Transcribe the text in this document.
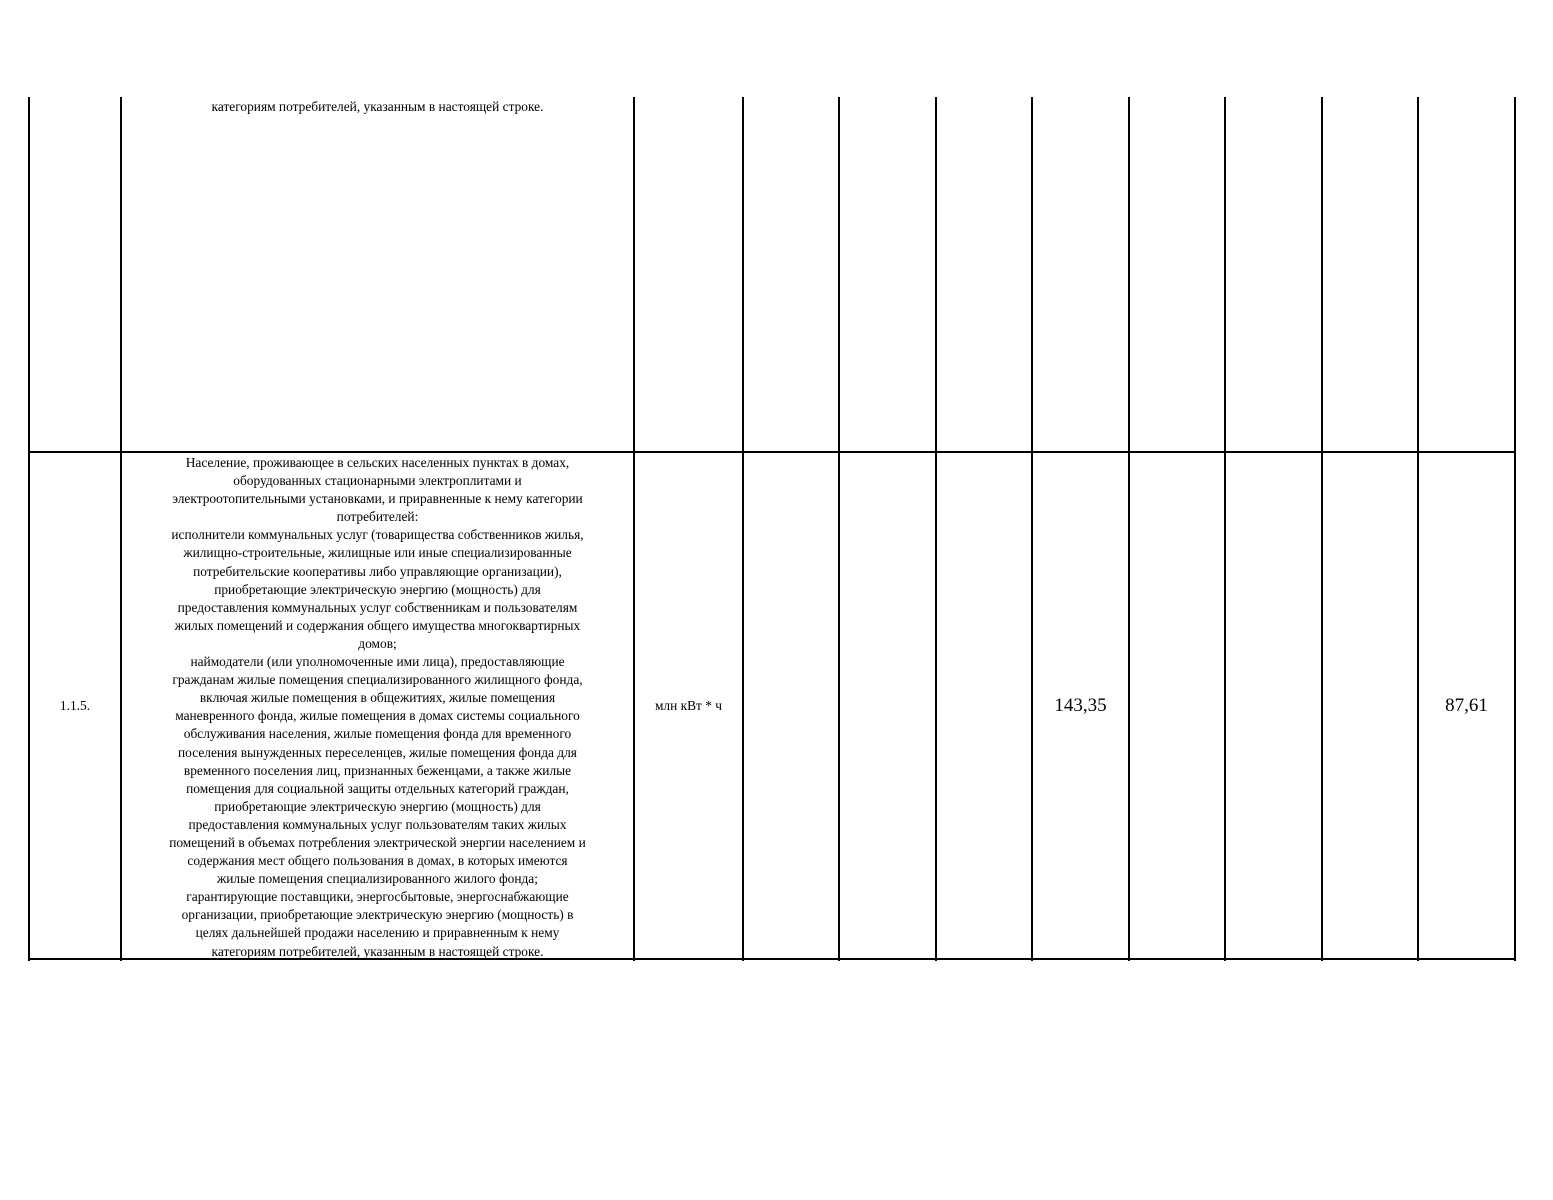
категориям потребителей, указанным в настоящей строке.
1.1.5.
Население, проживающее в сельских населенных пунктах в домах,
оборудованных стационарными электроплитами и
электроотопительными установками, и приравненные к нему категории
потребителей:
исполнители коммунальных услуг (товарищества собственников жилья,
жилищно-строительные, жилищные или иные специализированные
потребительские кооперативы либо управляющие организации),
приобретающие электрическую энергию (мощность) для
предоставления коммунальных услуг собственникам и пользователям
жилых помещений и содержания общего имущества многоквартирных
домов;
наймодатели (или уполномоченные ими лица), предоставляющие
гражданам жилые помещения специализированного жилищного фонда,
включая жилые помещения в общежитиях, жилые помещения
маневренного фонда, жилые помещения в домах системы социального
обслуживания населения, жилые помещения фонда для временного
поселения вынужденных переселенцев, жилые помещения фонда для
временного поселения лиц, признанных беженцами, а также жилые
помещения для социальной защиты отдельных категорий граждан,
приобретающие электрическую энергию (мощность) для
предоставления коммунальных услуг пользователям таких жилых
помещений в объемах потребления электрической энергии населением и
содержания мест общего пользования в домах, в которых имеются
жилые помещения специализированного жилого фонда;
гарантирующие поставщики, энергосбытовые, энергоснабжающие
организации, приобретающие электрическую энергию (мощность) в
целях дальнейшей продажи населению и приравненным к нему
категориям потребителей, указанным в настоящей строке.
млн кВт * ч	143,35	87,61
